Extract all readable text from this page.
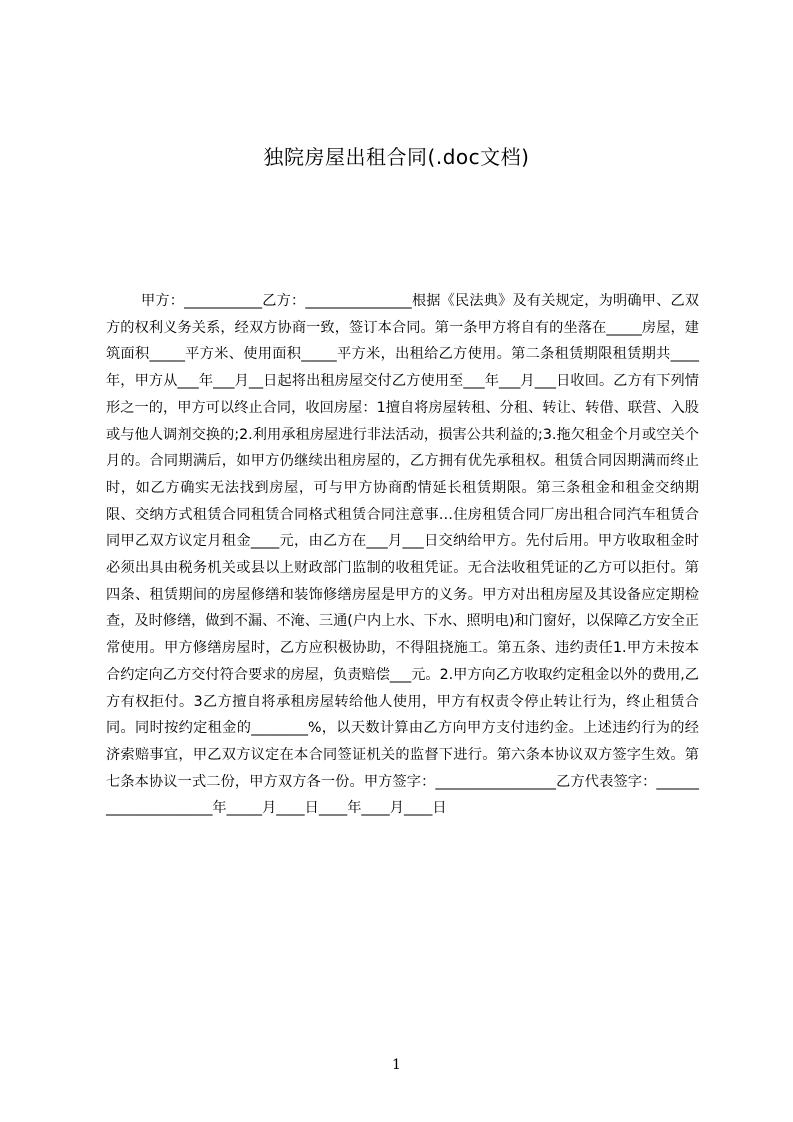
独院房屋出租合同(.doc文档)

甲方：___________乙方：_______________根据《民法典》及有关规定，为明确甲、乙双方的权利义务关系，经双方协商一致，签订本合同。第一条甲方将自有的坐落在_____房屋，建筑面积_____平方米、使用面积_____平方米，出租给乙方使用。第二条租赁期限租赁期共____年，甲方从___年___月__日起将出租房屋交付乙方使用至___年___月___日收回。乙方有下列情形之一的，甲方可以终止合同，收回房屋：1擅自将房屋转租、分租、转让、转借、联营、入股或与他人调剂交换的;2.利用承租房屋进行非法活动，损害公共利益的;3.拖欠租金个月或空关个月的。合同期满后，如甲方仍继续出租房屋的，乙方拥有优先承租权。租赁合同因期满而终止时，如乙方确实无法找到房屋，可与甲方协商酌情延长租赁期限。第三条租金和租金交纳期限、交纳方式租赁合同租赁合同格式租赁合同注意事…住房租赁合同厂房出租合同汽车租赁合同甲乙双方议定月租金____元，由乙方在___月___日交纳给甲方。先付后用。甲方收取租金时必须出具由税务机关或县以上财政部门监制的收租凭证。无合法收租凭证的乙方可以拒付。第四条、租赁期间的房屋修缮和装饰修缮房屋是甲方的义务。甲方对出租房屋及其设备应定期检查，及时修缮，做到不漏、不淹、三通(户内上水、下水、照明电)和门窗好，以保障乙方安全正常使用。甲方修缮房屋时，乙方应积极协助，不得阻挠施工。第五条、违约责任1.甲方未按本合约定向乙方交付符合要求的房屋，负责赔偿___元。2.甲方向乙方收取约定租金以外的费用,乙方有权拒付。3乙方擅自将承租房屋转给他人使用，甲方有权责令停止转让行为，终止租赁合同。同时按约定租金的________%，以天数计算由乙方向甲方支付违约金。上述违约行为的经济索赔事宜，甲乙双方议定在本合同签证机关的监督下进行。第六条本协议双方签字生效。第七条本协议一式二份，甲方双方各一份。甲方签字：_________________乙方代表签字：_____________________年_____月____日____年____月____日

1
